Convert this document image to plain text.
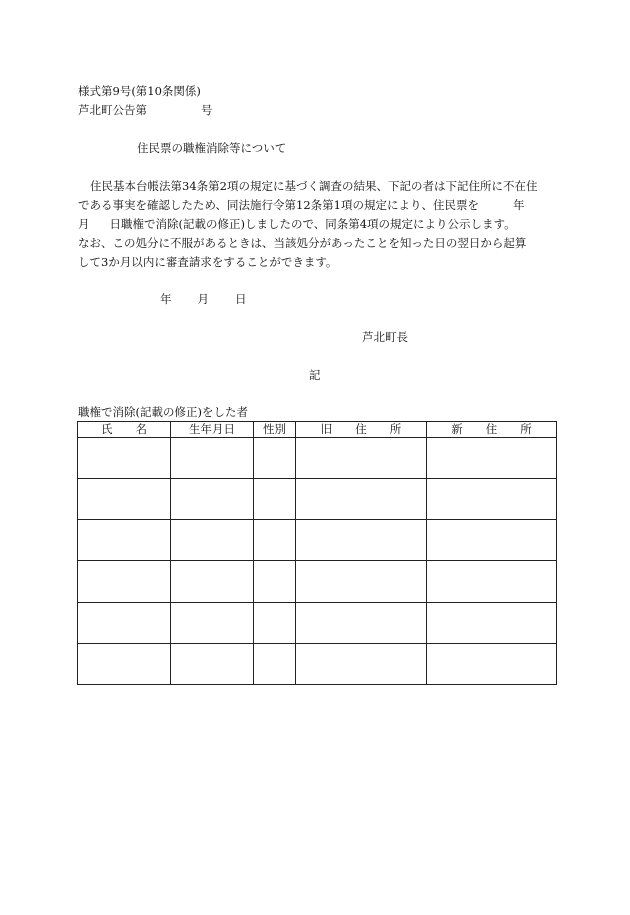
様式第9号(第10条関係)
芦北町公告第	号
住民票の職権消除等について
住民基本台帳法第34条第2項の規定に基づく調査の結果、下記の者は下記住所に不在住
である事実を確認したため、同法施行令第12条第1項の規定により、住民票を	年
月 日職権で消除(記載の修正)しましたので、同条第4項の規定により公示します。
なお、この処分に不服があるときは、当該処分があったことを知った日の翌日から起算
して3か月以内に審査請求をすることができます。
年 月 日
芦北町長
記
職権で消除(記載の修正)をした者
氏　　名	生年月日	性別	旧　　住　　所	新　　住　　所
